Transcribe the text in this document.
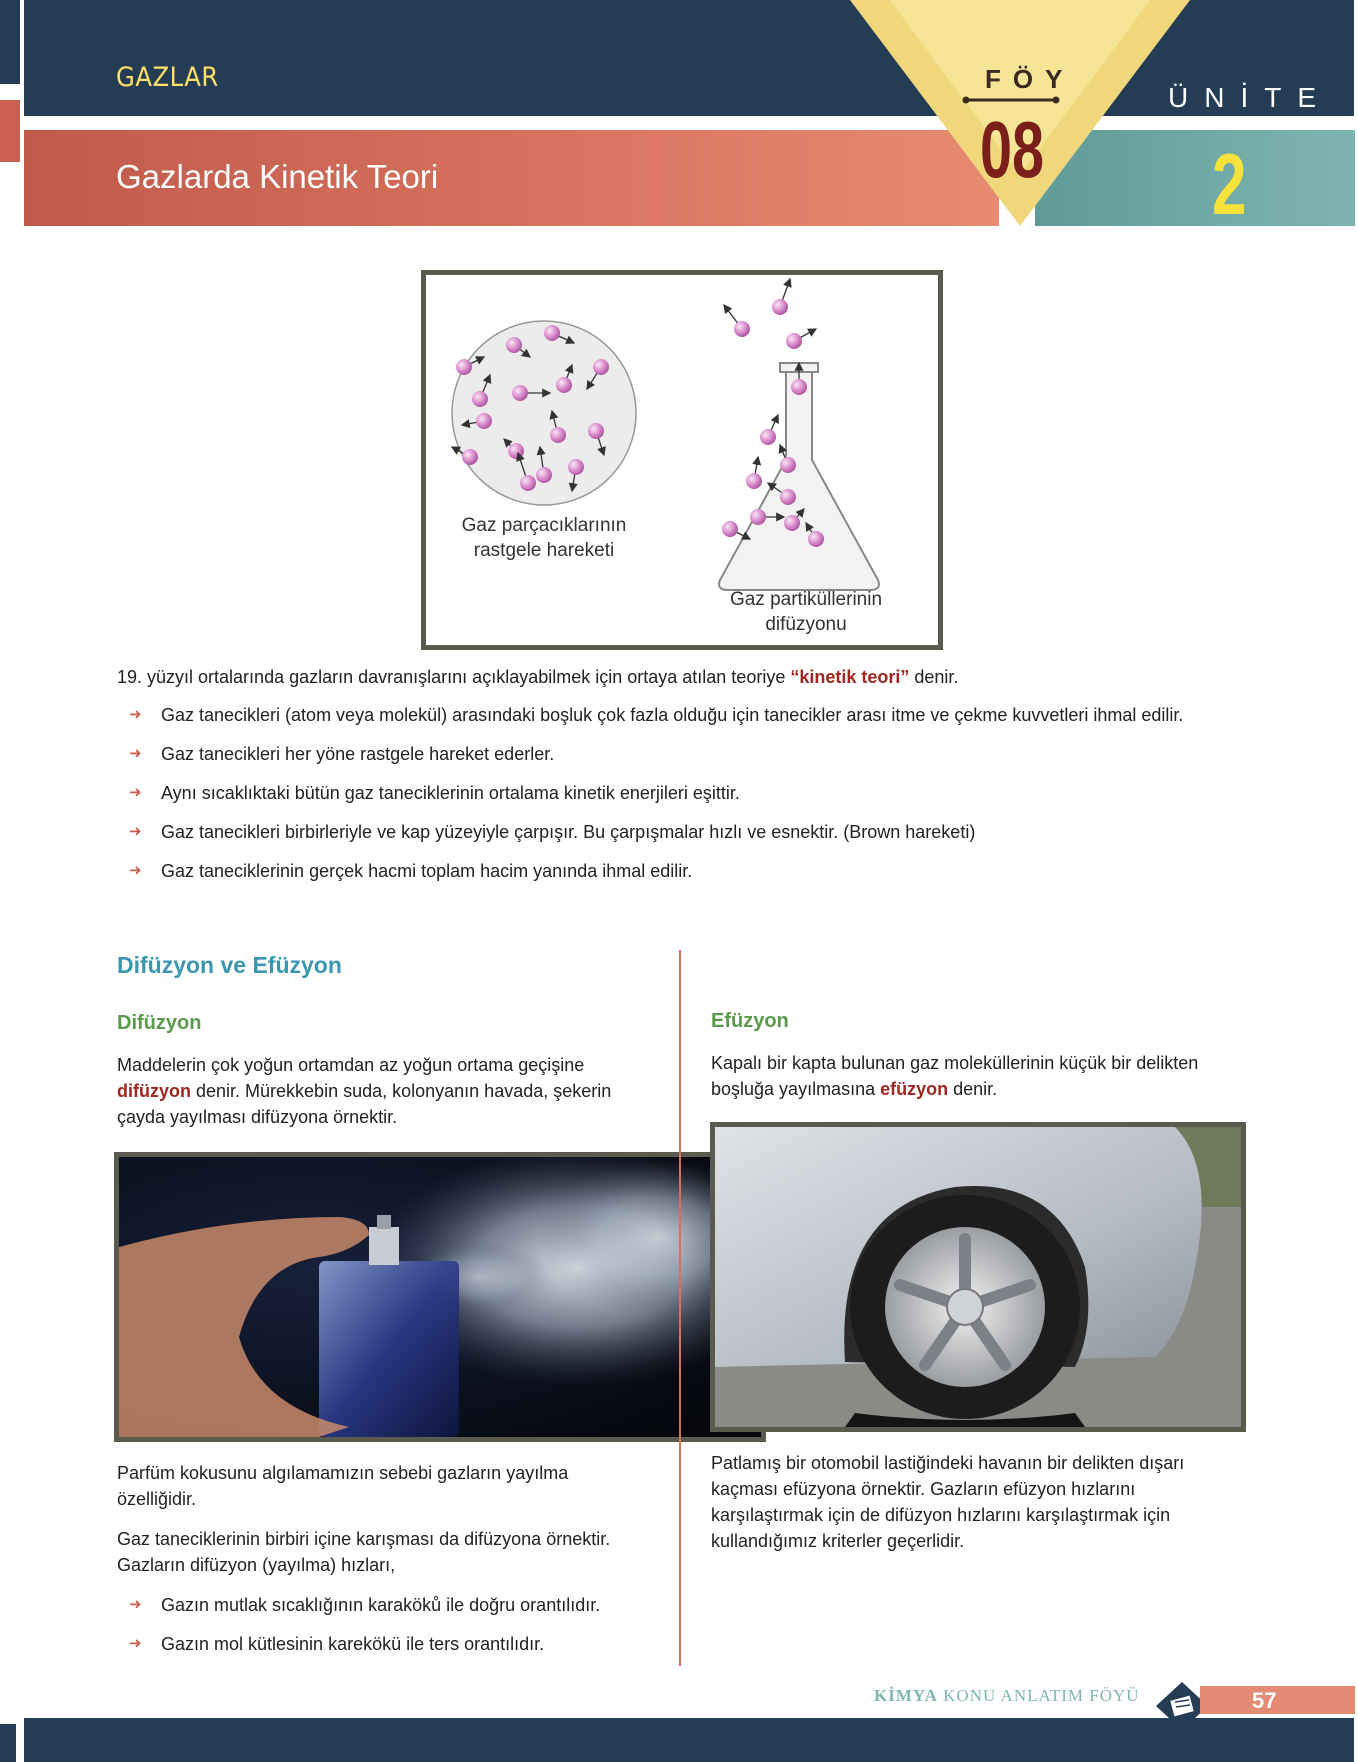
GAZLAR
Gazlarda Kinetik Teori
FÖY
08
ÜNİTE
2
Gaz parçacıklarının
rastgele hareketi
Gaz partiküllerinin
difüzyonu
19. yüzyıl ortalarında gazların davranışlarını açıklayabilmek için ortaya atılan teoriye “kinetik teori” denir.
➜ Gaz tanecikleri (atom veya molekül) arasındaki boşluk çok fazla olduğu için tanecikler arası itme ve çekme kuvvetleri ihmal edilir.
➜ Gaz tanecikleri her yöne rastgele hareket ederler.
➜ Aynı sıcaklıktaki bütün gaz taneciklerinin ortalama kinetik enerjileri eşittir.
➜ Gaz tanecikleri birbirleriyle ve kap yüzeyiyle çarpışır. Bu çarpışmalar hızlı ve esnektir. (Brown hareketi)
➜ Gaz taneciklerinin gerçek hacmi toplam hacim yanında ihmal edilir.
Difüzyon ve Efüzyon
Difüzyon
Maddelerin çok yoğun ortamdan az yoğun ortama geçişine difüzyon denir. Mürekkebin suda, kolonyanın havada, şekerin çayda yayılması difüzyona örnektir.
Parfüm kokusunu algılamamızın sebebi gazların yayılma özelliğidir.
Gaz taneciklerinin birbiri içine karışması da difüzyona örnektir. Gazların difüzyon (yayılma) hızları,
➜ Gazın mutlak sıcaklığının karaköků ile doğru orantılıdır.
➜ Gazın mol kütlesinin karekökü ile ters orantılıdır.
Efüzyon
Kapalı bir kapta bulunan gaz moleküllerinin küçük bir delikten boşluğa yayılmasına efüzyon denir.
Patlamış bir otomobil lastiğindeki havanın bir delikten dışarı kaçması efüzyona örnektir. Gazların efüzyon hızlarını karşılaştırmak için de difüzyon hızlarını karşılaştırmak için kullandığımız kriterler geçerlidir.
KİMYA KONU ANLATIM FÖYÜ	57
